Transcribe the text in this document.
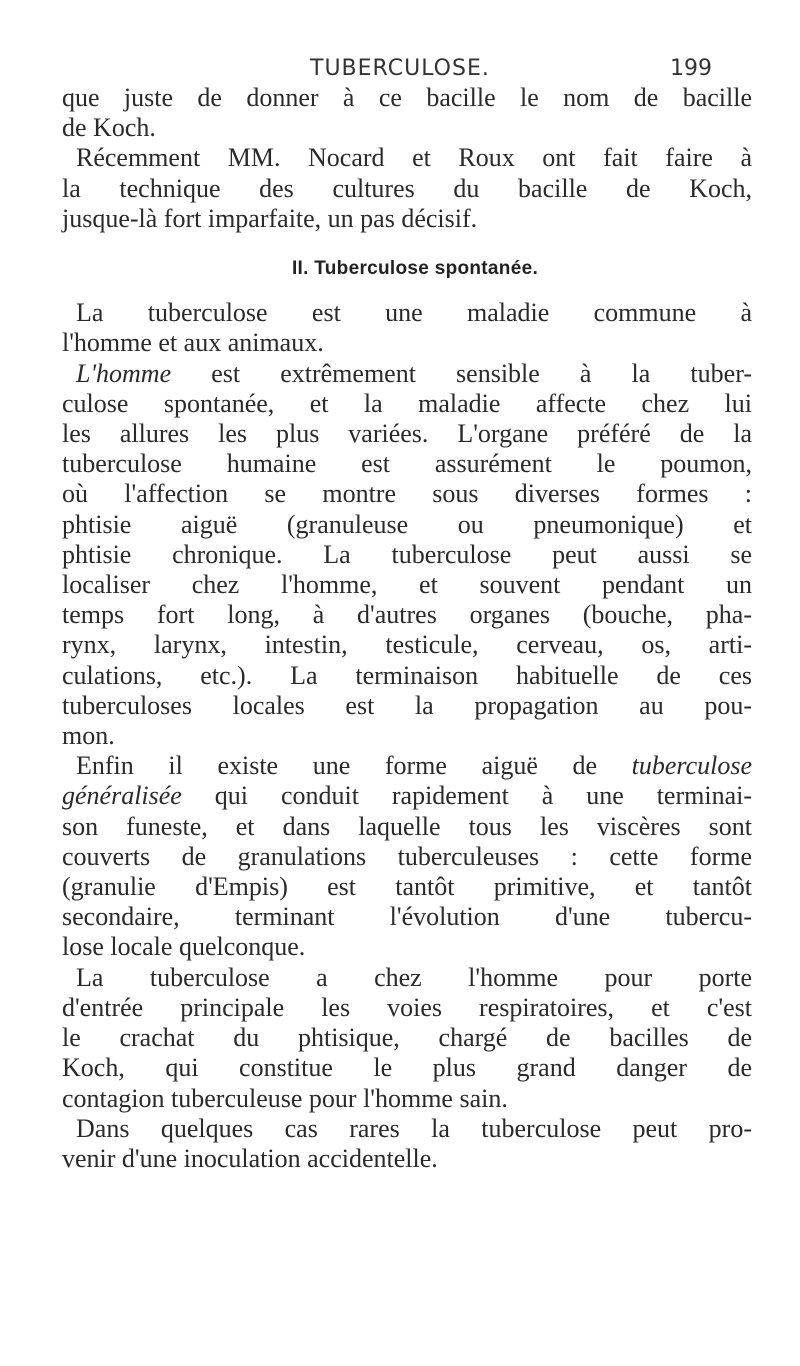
TUBERCULOSE.	199
que juste de donner à ce bacille le nom de bacille
de Koch.
Récemment MM. Nocard et Roux ont fait faire à
la technique des cultures du bacille de Koch,
jusque-là fort imparfaite, un pas décisif.
II. Tuberculose spontanée.
La tuberculose est une maladie commune à
l'homme et aux animaux.
L'homme est extrêmement sensible à la tuber-
culose spontanée, et la maladie affecte chez lui
les allures les plus variées. L'organe préféré de la
tuberculose humaine est assurément le poumon,
où l'affection se montre sous diverses formes :
phtisie aiguë (granuleuse ou pneumonique) et
phtisie chronique. La tuberculose peut aussi se
localiser chez l'homme, et souvent pendant un
temps fort long, à d'autres organes (bouche, pha-
rynx, larynx, intestin, testicule, cerveau, os, arti-
culations, etc.). La terminaison habituelle de ces
tuberculoses locales est la propagation au pou-
mon.
Enfin il existe une forme aiguë de tuberculose
généralisée qui conduit rapidement à une terminai-
son funeste, et dans laquelle tous les viscères sont
couverts de granulations tuberculeuses : cette forme
(granulie d'Empis) est tantôt primitive, et tantôt
secondaire, terminant l'évolution d'une tubercu-
lose locale quelconque.
La tuberculose a chez l'homme pour porte
d'entrée principale les voies respiratoires, et c'est
le crachat du phtisique, chargé de bacilles de
Koch, qui constitue le plus grand danger de
contagion tuberculeuse pour l'homme sain.
Dans quelques cas rares la tuberculose peut pro-
venir d'une inoculation accidentelle.
